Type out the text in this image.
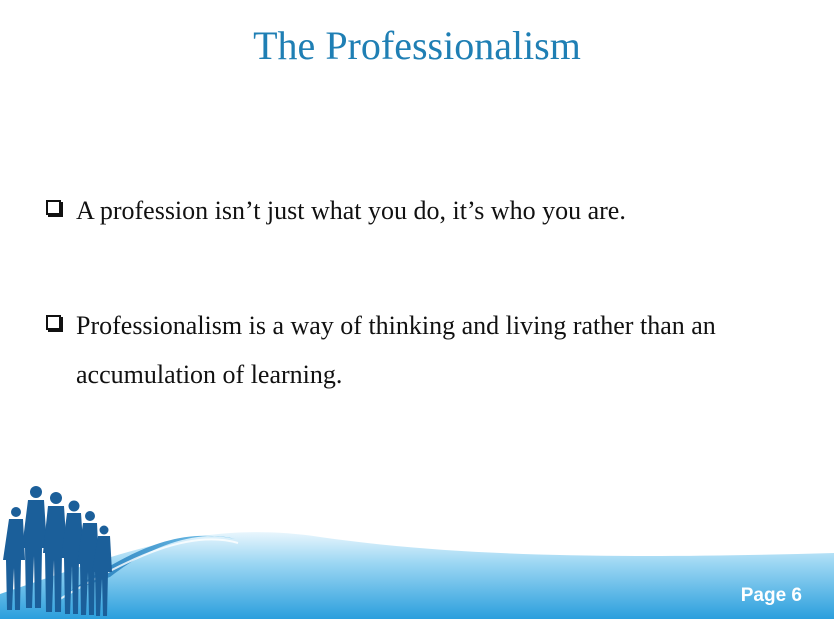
The Professionalism
A profession isn’t just what you do, it’s who you are.
Professionalism is a way of thinking and living rather than an
accumulation of learning.
Page 6
